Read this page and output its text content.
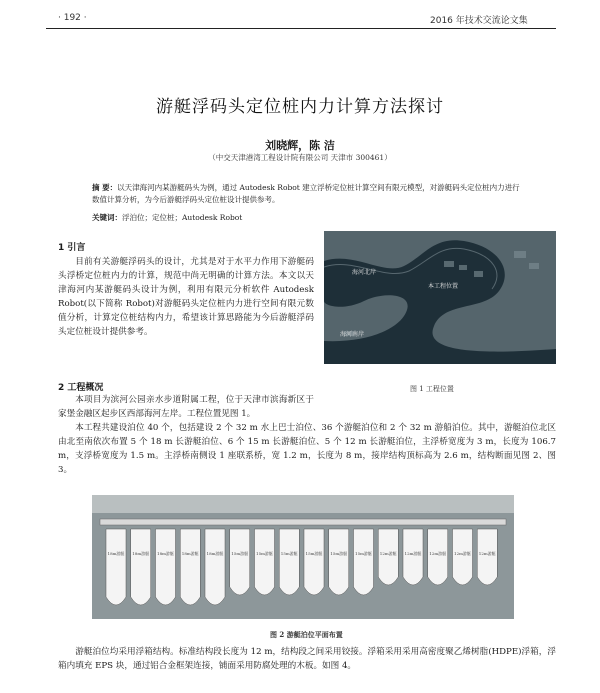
· 192 ·	2016 年技术交流论文集
游艇浮码头定位桩内力计算方法探讨
刘晓辉，陈 洁
（中交天津港湾工程设计院有限公司 天津市 300461）
摘 要：以天津海河内某游艇码头为例，通过 Autodesk Robot 建立浮桥定位桩计算空间有限元模型，对游艇码头定位桩内力进行数值计算分析，为今后游艇浮码头定位桩设计提供参考。
关键词：浮泊位；定位桩；Autodesk Robot
1 引言
目前有关游艇浮码头的设计，尤其是对于水平力作用下游艇码头浮桥定位桩内力的计算，规范中尚无明确的计算方法。本文以天津海河内某游艇码头设计为例，利用有限元分析软件 Autodesk Robot(以下简称 Robot)对游艇码头定位桩内力进行空间有限元数值分析，计算定位桩结构内力，希望该计算思路能为今后游艇浮码头定位桩设计提供参考。
海河北岸
本工程位置
海河南岸
图 1 工程位置
2 工程概况
本项目为滨河公园亲水步道附属工程，位于天津市滨海新区于家堡金融区起步区西部海河左岸。工程位置见图 1。
本工程共建设泊位 40 个，包括建设 2 个 32 m 水上巴士泊位、36 个游艇泊位和 2 个 32 m 游船泊位。其中，游艇泊位北区由北至南依次布置 5 个 18 m 长游艇泊位、6 个 15 m 长游艇泊位、5 个 12 m 长游艇泊位，主浮桥宽度为 3 m，长度为 106.7 m，支浮桥宽度为 1.5 m。主浮桥南侧设 1 座联系桥，宽 1.2 m，长度为 8 m，接岸结构顶标高为 2.6 m，结构断面见图 2、图 3。
18m游艇 18m游艇 18m游艇 18m游艇 18m游艇 15m游艇 15m游艇 15m游艇 15m游艇 15m游艇 15m游艇 12m游艇 12m游艇 12m游艇 12m游艇 12m游艇
图 2 游艇泊位平面布置
游艇泊位均采用浮箱结构。标准结构段长度为 12 m，结构段之间采用铰接。浮箱采用采用高密度聚乙烯树脂(HDPE)浮箱，浮箱内填充 EPS 块，通过铝合金框架连接，铺面采用防腐处理的木板。如图 4。
